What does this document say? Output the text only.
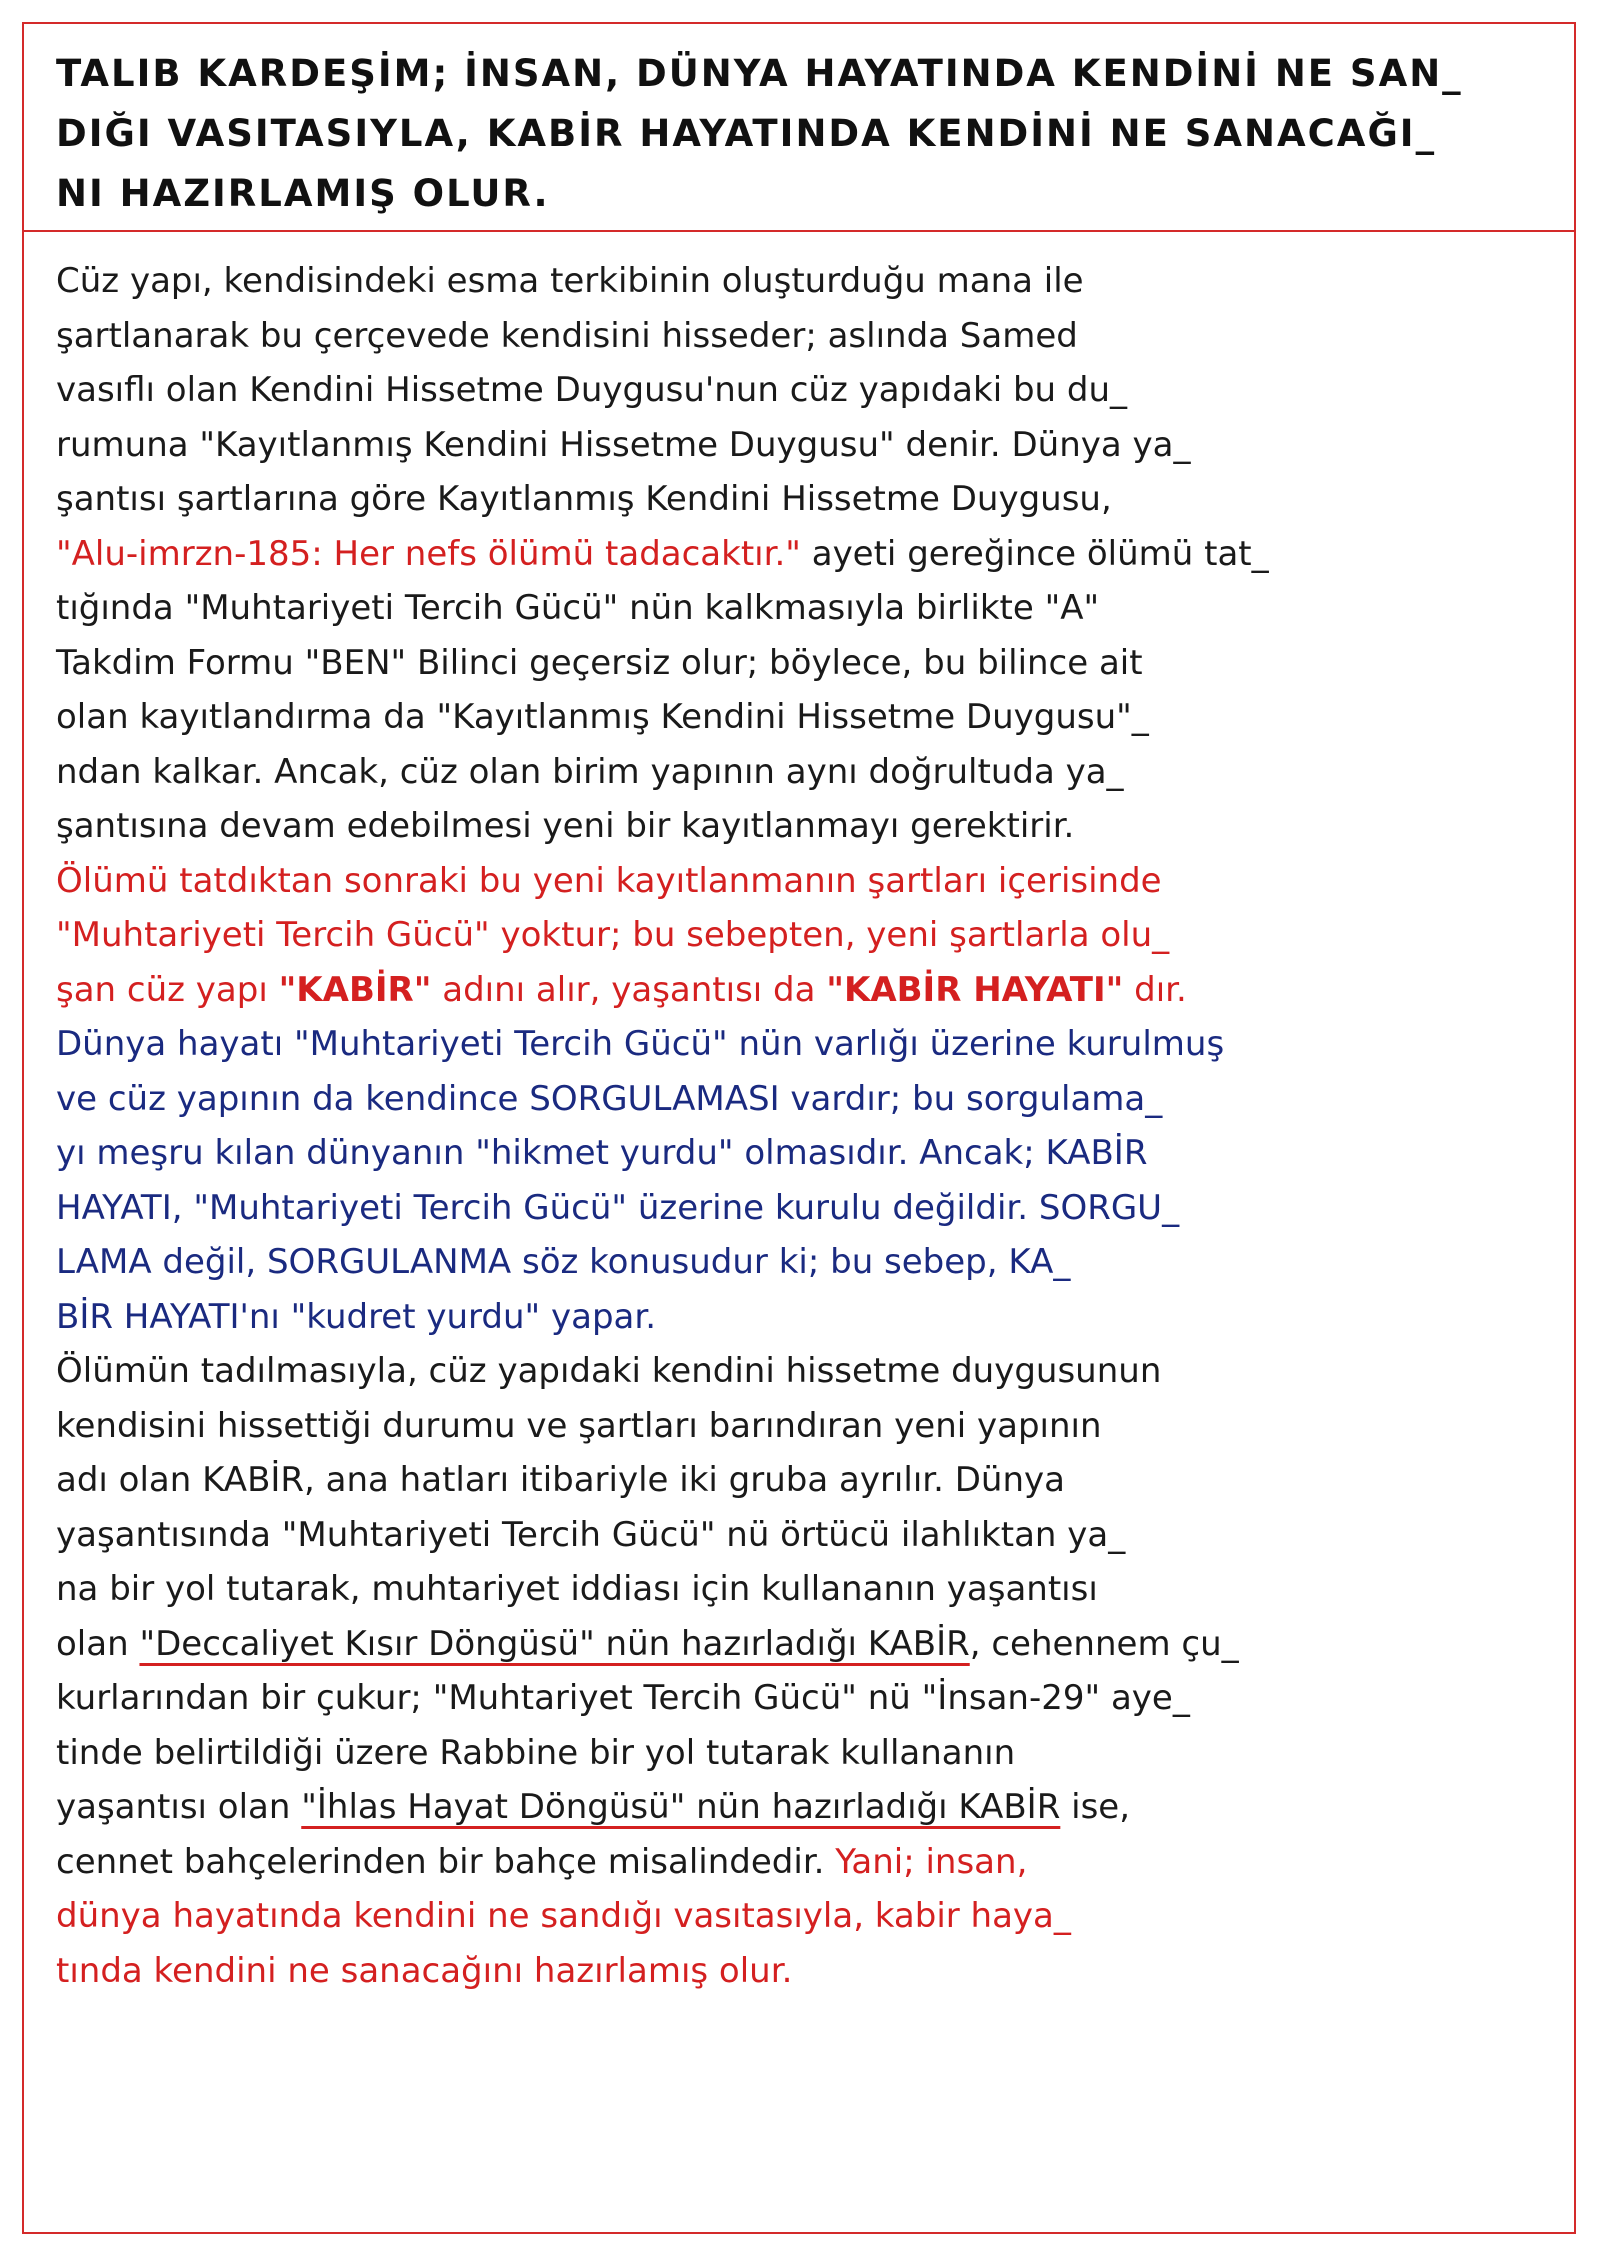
TALIB KARDEŞİM; İNSAN, DÜNYA HAYATINDA KENDİNİ NE SAN_
DIĞI VASITASIYLA, KABİR HAYATINDA KENDİNİ NE SANACAĞI_
NI HAZIRLAMIŞ OLUR.
Cüz yapı, kendisindeki esma terkibinin oluşturduğu mana ile
şartlanarak bu çerçevede kendisini hisseder; aslında Samed
vasıflı olan Kendini Hissetme Duygusu'nun cüz yapıdaki bu du_
rumuna "Kayıtlanmış Kendini Hissetme Duygusu" denir. Dünya ya_
şantısı şartlarına göre Kayıtlanmış Kendini Hissetme Duygusu,
"Alu-imrzn-185: Her nefs ölümü tadacaktır." ayeti gereğince ölümü tat_
tığında "Muhtariyeti Tercih Gücü" nün kalkmasıyla birlikte "A"
Takdim Formu "BEN" Bilinci geçersiz olur; böylece, bu bilince ait
olan kayıtlandırma da "Kayıtlanmış Kendini Hissetme Duygusu"_
ndan kalkar. Ancak, cüz olan birim yapının aynı doğrultuda ya_
şantısına devam edebilmesi yeni bir kayıtlanmayı gerektirir.
Ölümü tatdıktan sonraki bu yeni kayıtlanmanın şartları içerisinde
"Muhtariyeti Tercih Gücü" yoktur; bu sebepten, yeni şartlarla olu_
şan cüz yapı "KABİR" adını alır, yaşantısı da "KABİR HAYATI" dır.
Dünya hayatı "Muhtariyeti Tercih Gücü" nün varlığı üzerine kurulmuş
ve cüz yapının da kendince SORGULAMASI vardır; bu sorgulama_
yı meşru kılan dünyanın "hikmet yurdu" olmasıdır. Ancak; KABİR
HAYATI, "Muhtariyeti Tercih Gücü" üzerine kurulu değildir. SORGU_
LAMA değil, SORGULANMA söz konusudur ki; bu sebep, KA_
BİR HAYATI'nı "kudret yurdu" yapar.
Ölümün tadılmasıyla, cüz yapıdaki kendini hissetme duygusunun
kendisini hissettiği durumu ve şartları barındıran yeni yapının
adı olan KABİR, ana hatları itibariyle iki gruba ayrılır. Dünya
yaşantısında "Muhtariyeti Tercih Gücü" nü örtücü ilahlıktan ya_
na bir yol tutarak, muhtariyet iddiası için kullananın yaşantısı
olan "Deccaliyet Kısır Döngüsü" nün hazırladığı KABİR, cehennem çu_
kurlarından bir çukur; "Muhtariyet Tercih Gücü" nü "İnsan-29" aye_
tinde belirtildiği üzere Rabbine bir yol tutarak kullananın
yaşantısı olan "İhlas Hayat Döngüsü" nün hazırladığı KABİR ise,
cennet bahçelerinden bir bahçe misalindedir. Yani; insan,
dünya hayatında kendini ne sandığı vasıtasıyla, kabir haya_
tında kendini ne sanacağını hazırlamış olur.
